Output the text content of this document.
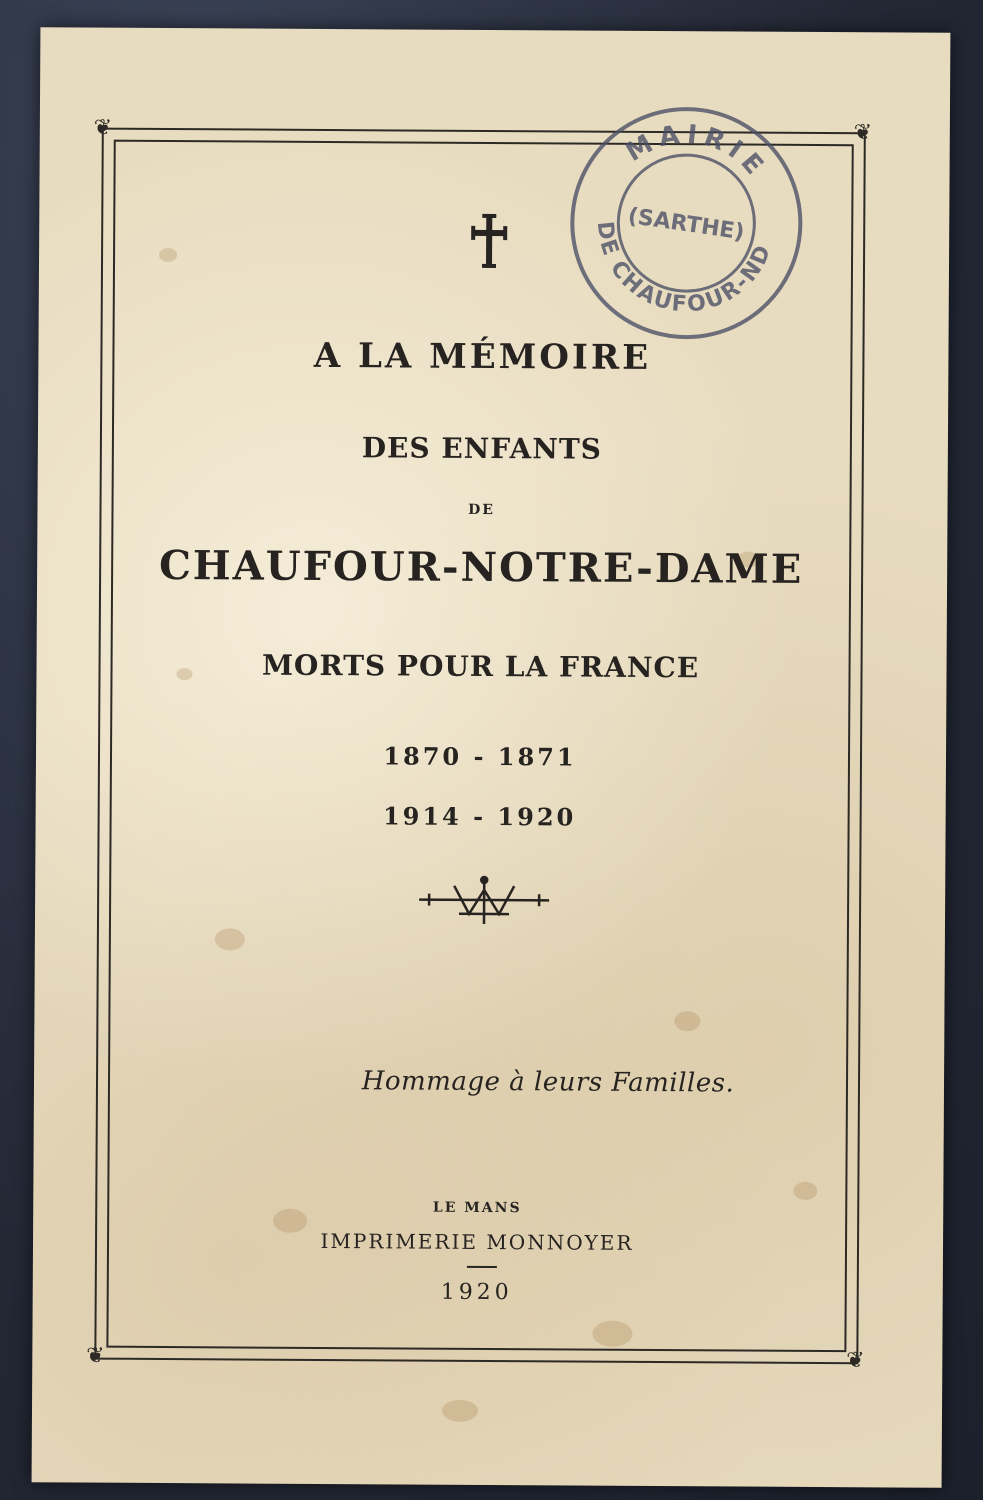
❦	❦
❦	❦
A LA MÉMOIRE
DES ENFANTS
DE
CHAUFOUR-NOTRE-DAME
MORTS POUR LA FRANCE
1870 - 1871
1914 - 1920
Hommage à leurs Familles.
LE MANS
IMPRIMERIE MONNOYER
1920
MAIRIE
DE CHAUFOUR-ND
(SARTHE)
MAIRIE DE CHAUFOUR-ND
